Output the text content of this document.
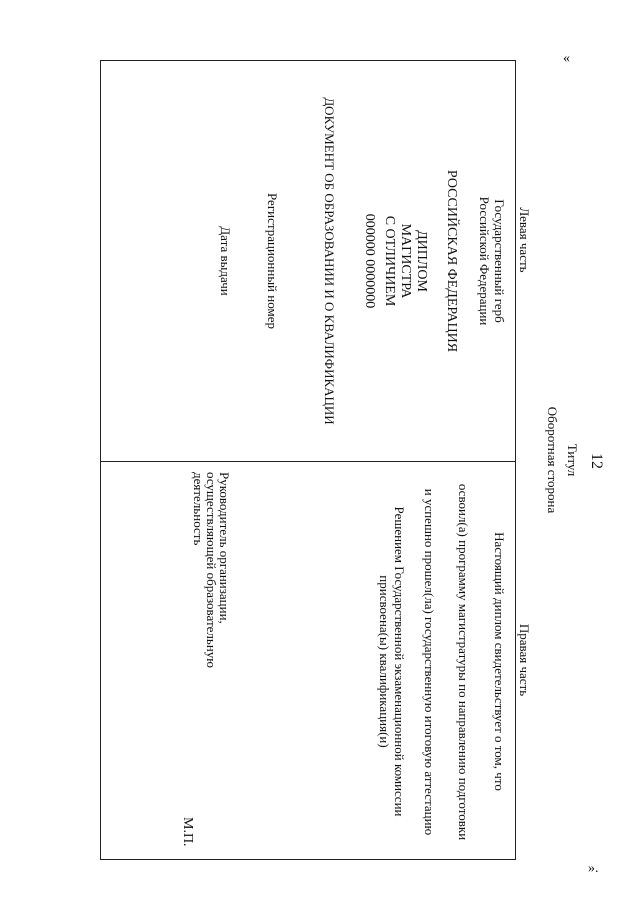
«
».
12
Титул
Оборотная сторона
Левая часть
Правая часть
Государственный герб
Российской Федерации
РОССИЙСКАЯ ФЕДЕРАЦИЯ
ДИПЛОМ
МАГИСТРА
С ОТЛИЧИЕМ
000000 0000000
ДОКУМЕНТ ОБ ОБРАЗОВАНИИ И О КВАЛИФИКАЦИИ
Регистрационный номер
Дата выдачи
Настоящий диплом свидетельствует о том, что
освоил(а) программу магистратуры по направлению подготовки
и успешно прошел(ла) государственную итоговую аттестацию
Решением Государственной экзаменационной комиссии
присвоена(ы) квалификация(и)
Руководитель организации,
осуществляющей образовательную
деятельность
М.П.
